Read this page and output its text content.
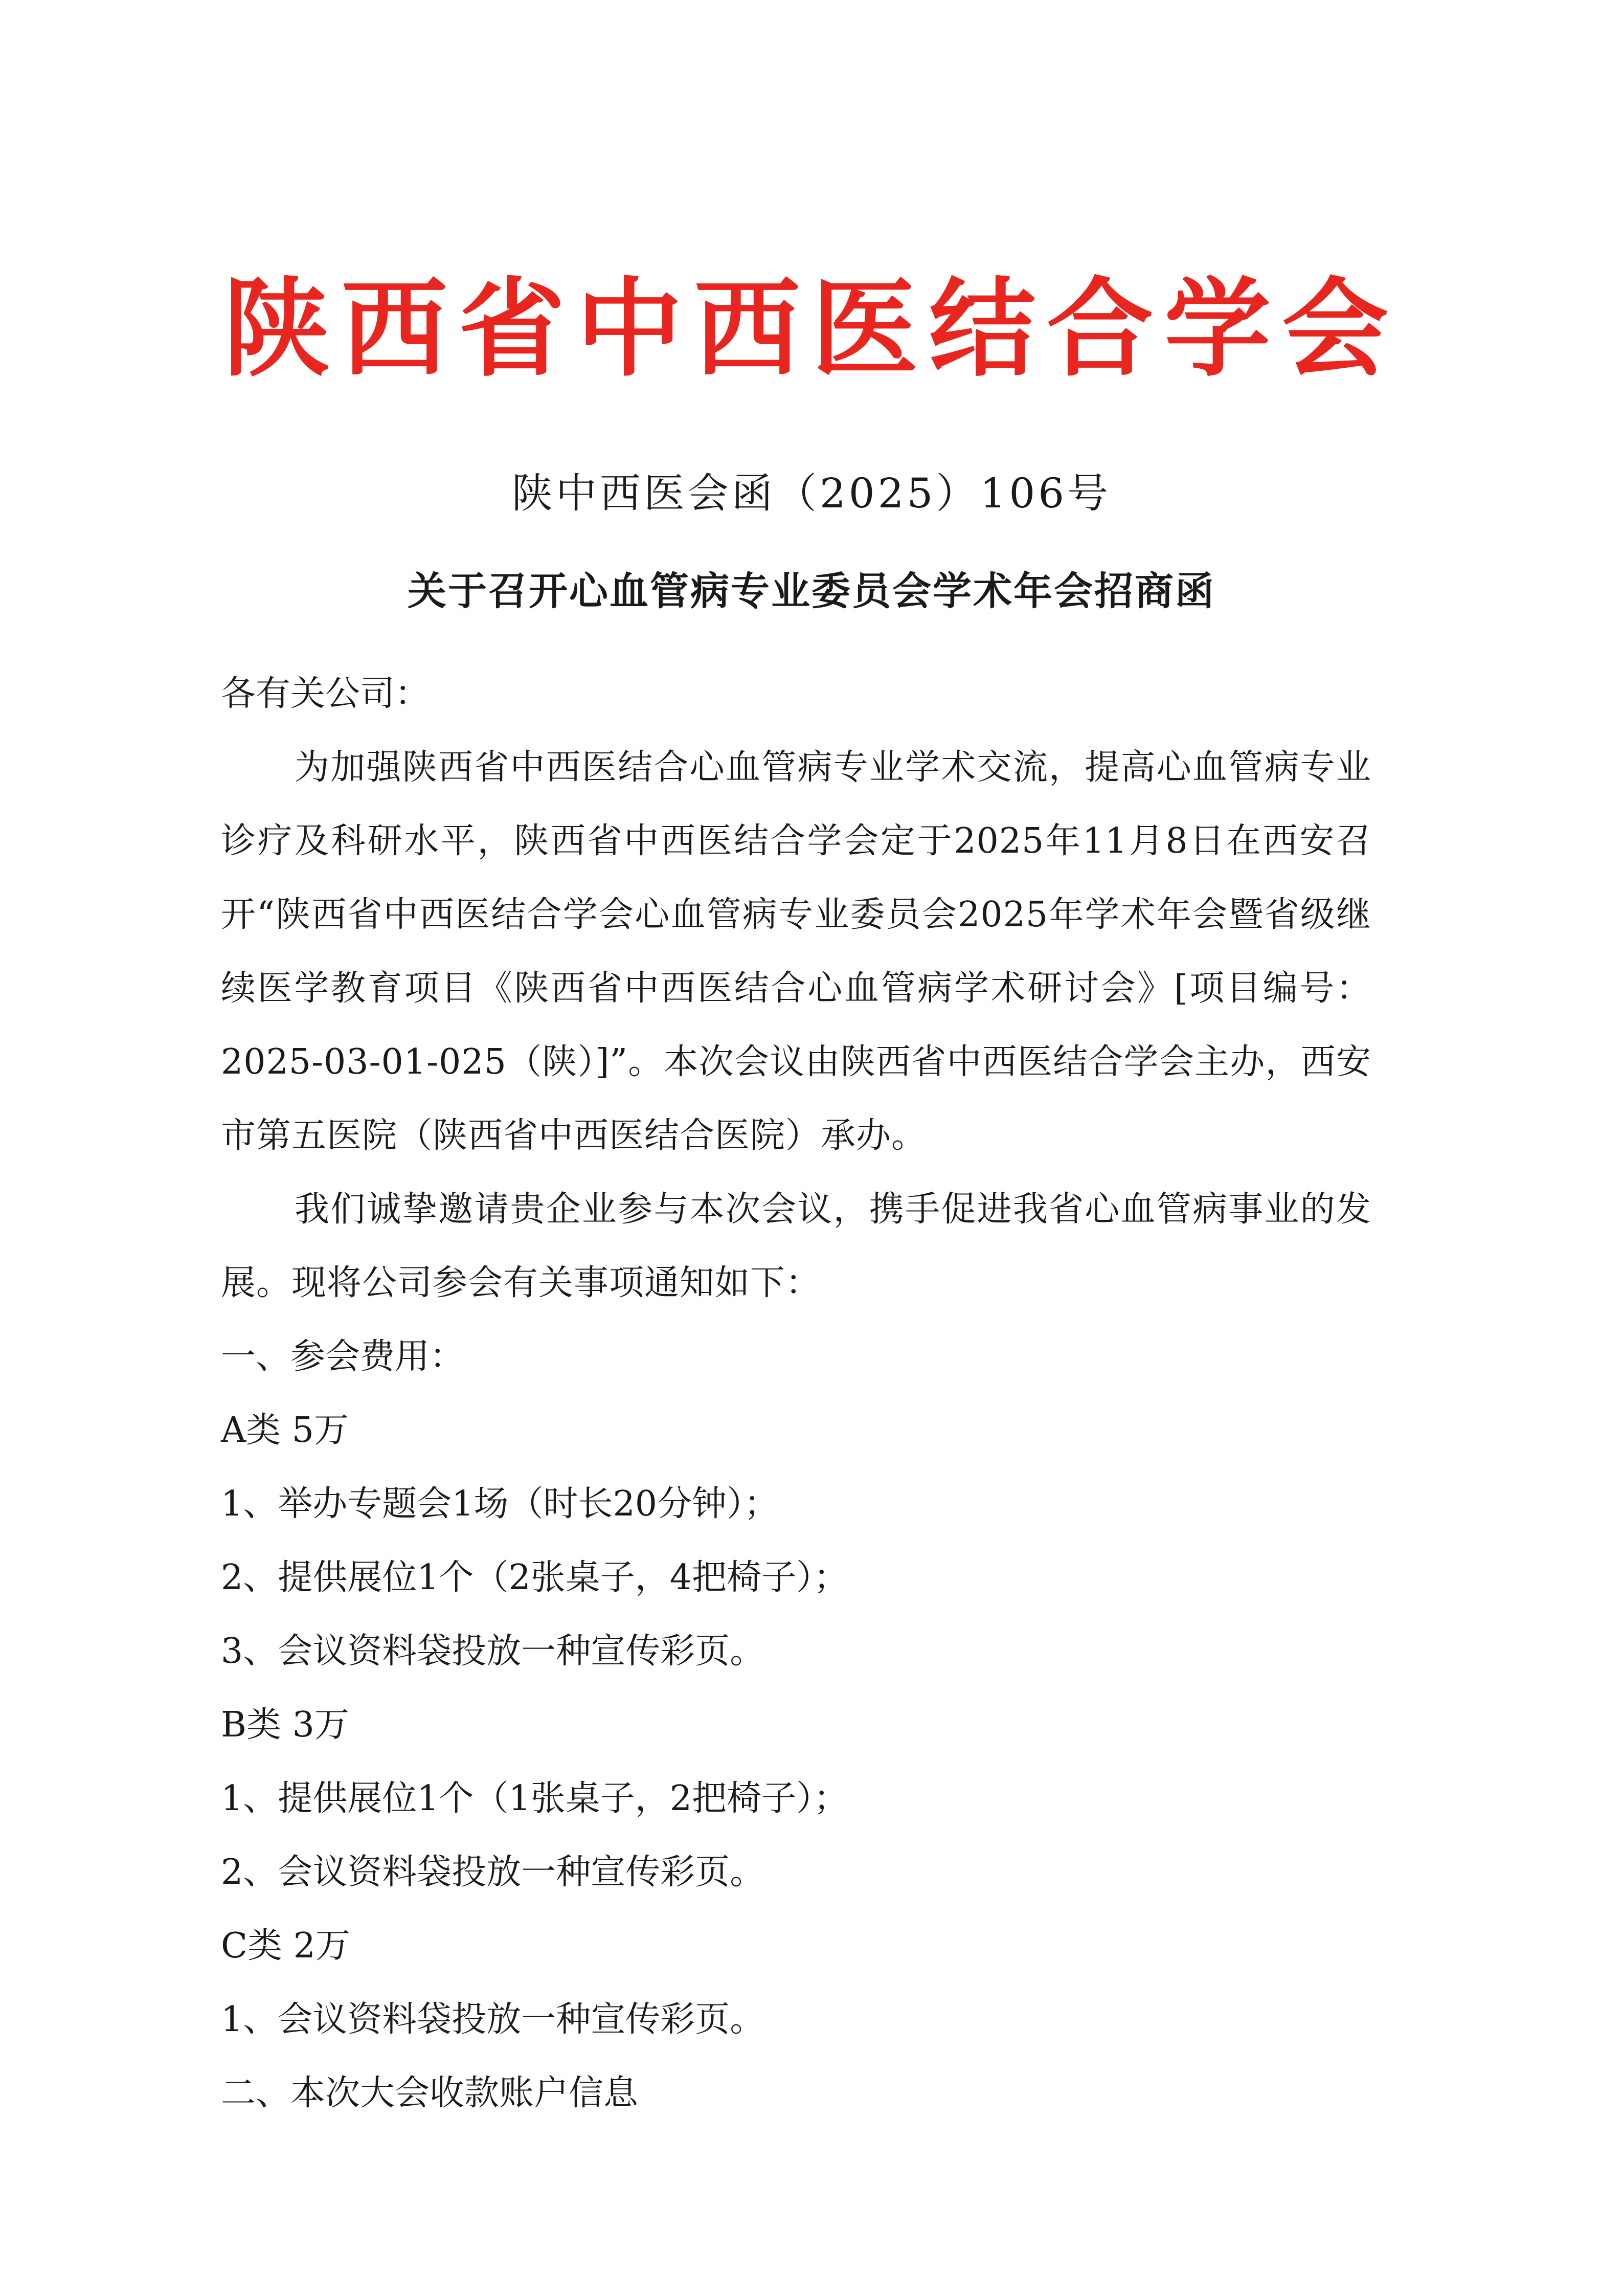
陕西省中西医结合学会
陕中西医会函（2025）106号
关于召开心血管病专业委员会学术年会招商函

各有关公司：

为加强陕西省中西医结合心血管病专业学术交流，提高心血管病专业诊疗及科研水平，陕西省中西医结合学会定于2025年11月8日在西安召开“陕西省中西医结合学会心血管病专业委员会2025年学术年会暨省级继续医学教育项目《陕西省中西医结合心血管病学术研讨会》[项目编号：2025-03-01-025（陕）]”。本次会议由陕西省中西医结合学会主办，西安市第五医院（陕西省中西医结合医院）承办。

我们诚挚邀请贵企业参与本次会议，携手促进我省心血管病事业的发展。现将公司参会有关事项通知如下：

一、参会费用：

A类 5万

1、举办专题会1场（时长20分钟）；

2、提供展位1个（2张桌子，4把椅子）；

3、会议资料袋投放一种宣传彩页。

B类 3万

1、提供展位1个（1张桌子，2把椅子）；

2、会议资料袋投放一种宣传彩页。

C类 2万

1、会议资料袋投放一种宣传彩页。

二、本次大会收款账户信息
